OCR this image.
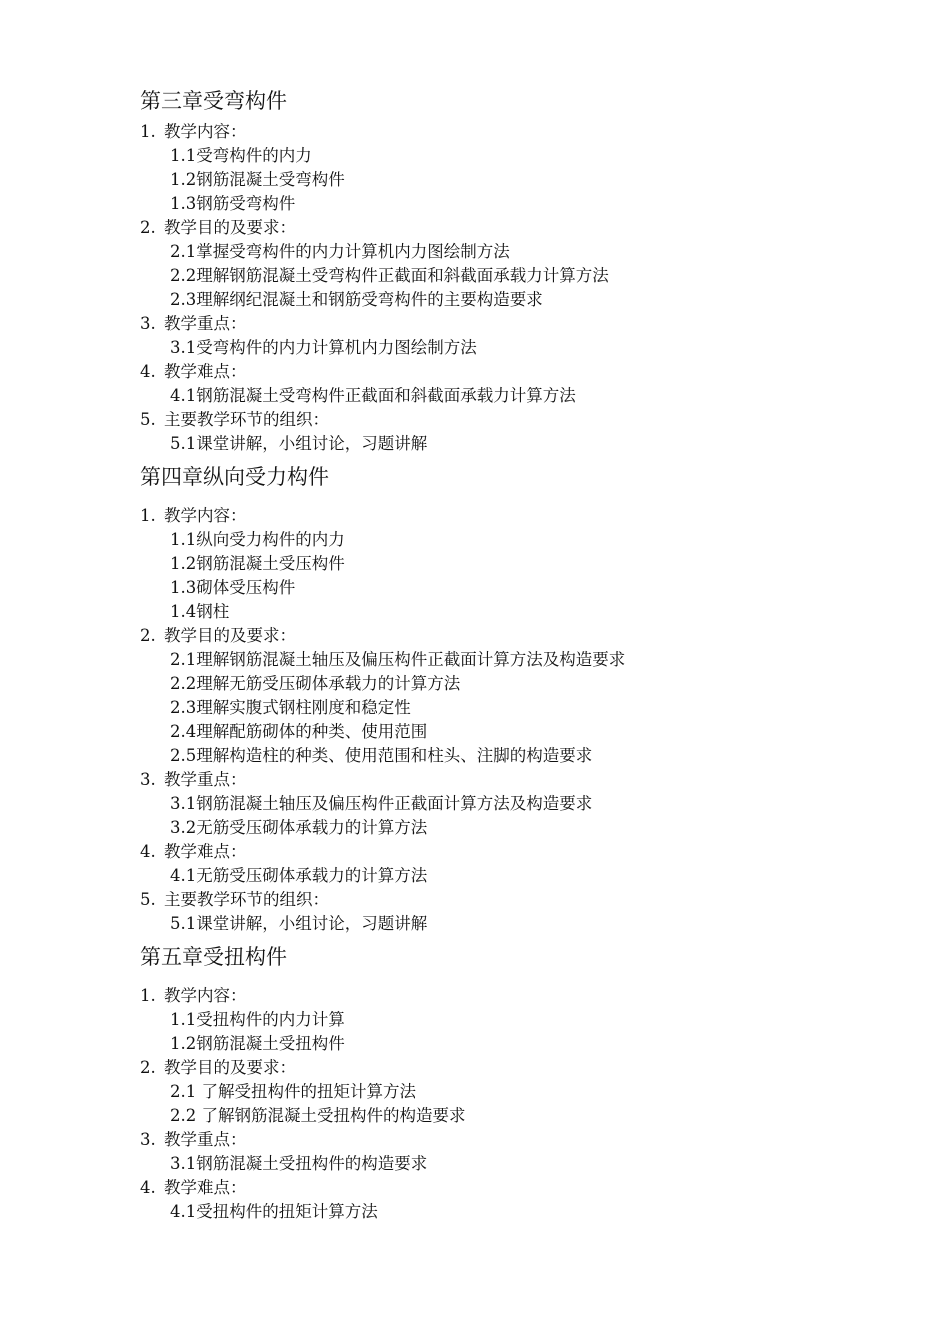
第三章受弯构件
1. 教学内容：
1.1受弯构件的内力
1.2钢筋混凝土受弯构件
1.3钢筋受弯构件
2. 教学目的及要求：
2.1掌握受弯构件的内力计算机内力图绘制方法
2.2理解钢筋混凝土受弯构件正截面和斜截面承载力计算方法
2.3理解纲纪混凝土和钢筋受弯构件的主要构造要求
3. 教学重点：
3.1受弯构件的内力计算机内力图绘制方法
4. 教学难点：
4.1钢筋混凝土受弯构件正截面和斜截面承载力计算方法
5. 主要教学环节的组织：
5.1课堂讲解，小组讨论，习题讲解
第四章纵向受力构件
1. 教学内容：
1.1纵向受力构件的内力
1.2钢筋混凝土受压构件
1.3砌体受压构件
1.4钢柱
2. 教学目的及要求：
2.1理解钢筋混凝土轴压及偏压构件正截面计算方法及构造要求
2.2理解无筋受压砌体承载力的计算方法
2.3理解实腹式钢柱刚度和稳定性
2.4理解配筋砌体的种类、使用范围
2.5理解构造柱的种类、使用范围和柱头、注脚的构造要求
3. 教学重点：
3.1钢筋混凝土轴压及偏压构件正截面计算方法及构造要求
3.2无筋受压砌体承载力的计算方法
4. 教学难点：
4.1无筋受压砌体承载力的计算方法
5. 主要教学环节的组织：
5.1课堂讲解，小组讨论，习题讲解
第五章受扭构件
1. 教学内容：
1.1受扭构件的内力计算
1.2钢筋混凝土受扭构件
2. 教学目的及要求：
2.1 了解受扭构件的扭矩计算方法
2.2 了解钢筋混凝土受扭构件的构造要求
3. 教学重点：
3.1钢筋混凝土受扭构件的构造要求
4. 教学难点：
4.1受扭构件的扭矩计算方法
